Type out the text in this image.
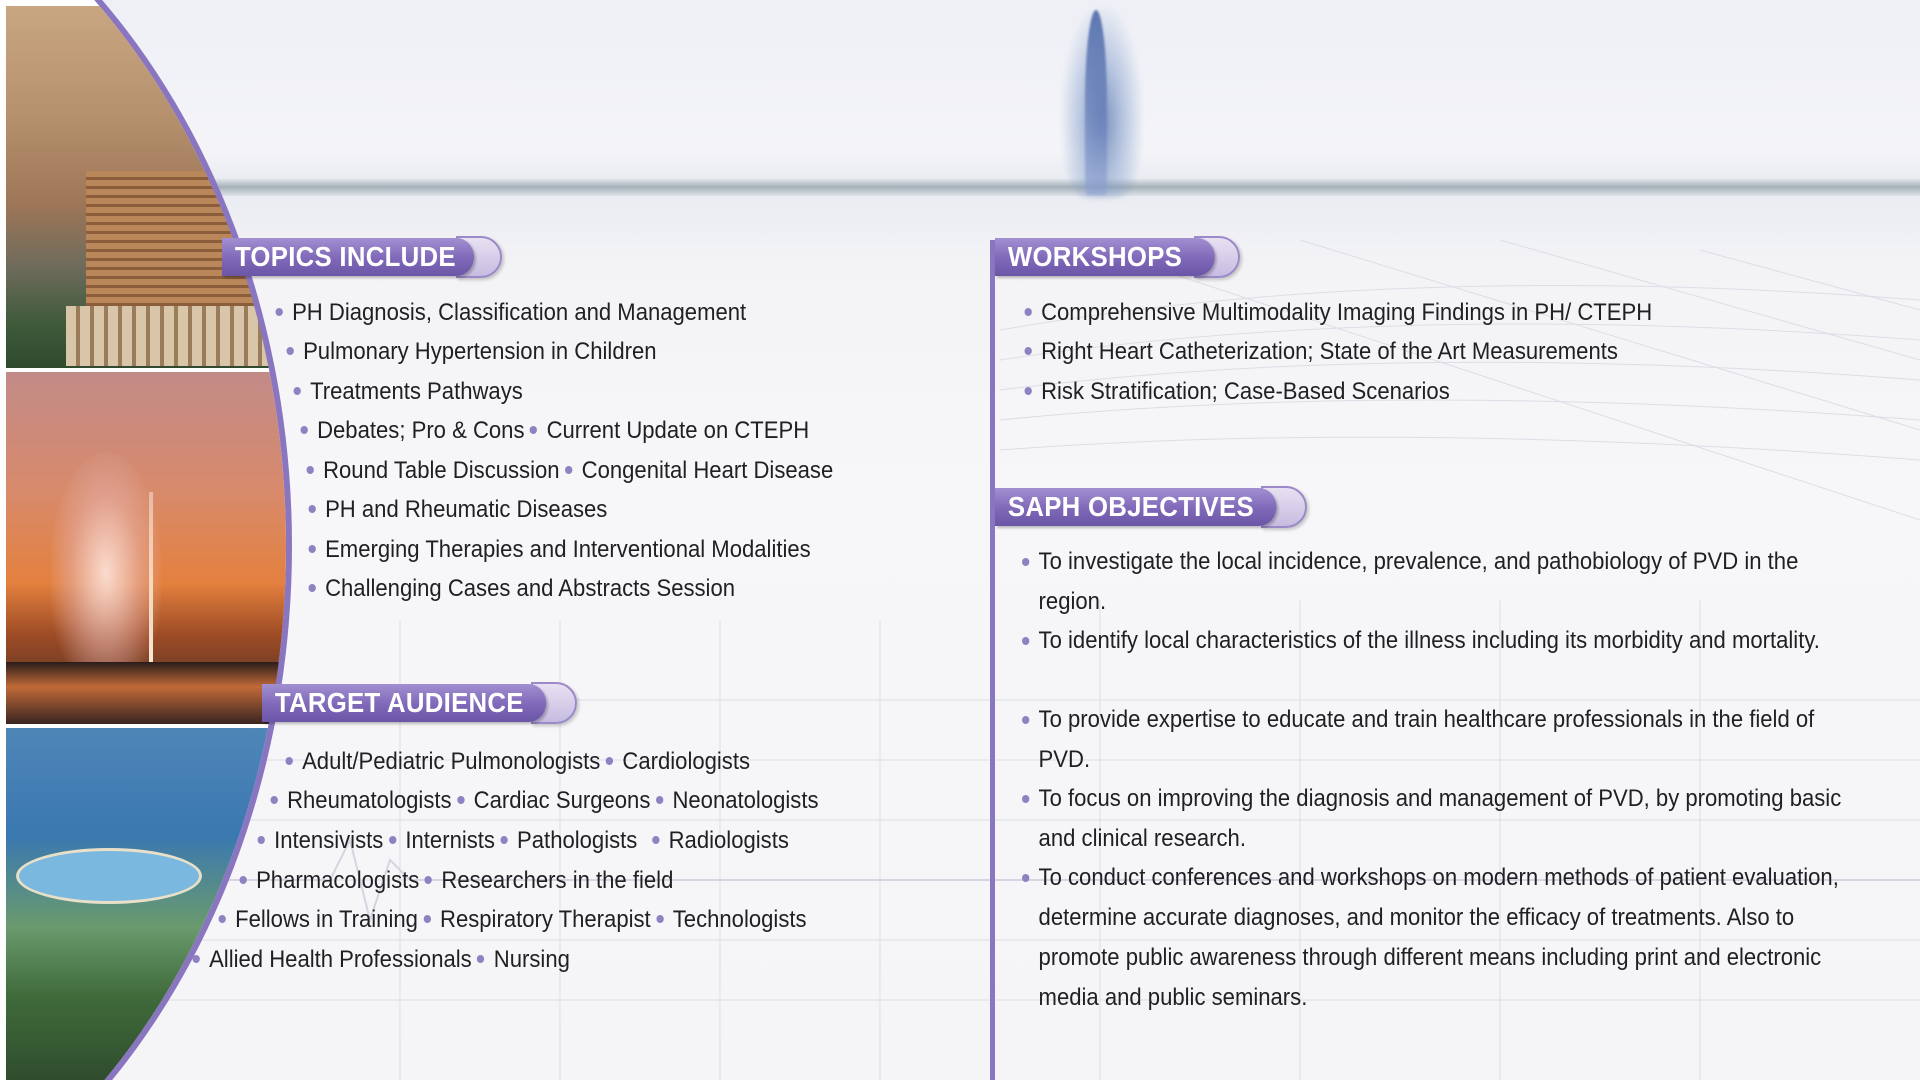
TOPICS INCLUDE
PH Diagnosis, Classification and Management
Pulmonary Hypertension in Children
Treatments Pathways
Debates; Pro & Cons Current Update on CTEPH
Round Table Discussion Congenital Heart Disease
PH and Rheumatic Diseases
Emerging Therapies and Interventional Modalities
Challenging Cases and Abstracts Session
TARGET AUDIENCE
Adult/Pediatric Pulmonologists Cardiologists
Rheumatologists Cardiac Surgeons Neonatologists
Intensivists Internists Pathologists Radiologists
Pharmacologists Researchers in the field
Fellows in Training Respiratory Therapist Technologists
Allied Health Professionals Nursing
WORKSHOPS
Comprehensive Multimodality Imaging Findings in PH/ CTEPH
Right Heart Catheterization; State of the Art Measurements
Risk Stratification; Case-Based Scenarios
SAPH OBJECTIVES
To investigate the local incidence, prevalence, and pathobiology of PVD in the region.
To identify local characteristics of the illness including its morbidity and mortality.
To provide expertise to educate and train healthcare professionals in the field of PVD.
To focus on improving the diagnosis and management of PVD, by promoting basic and clinical research.
To conduct conferences and workshops on modern methods of patient evaluation, determine accurate diagnoses, and monitor the efficacy of treatments. Also to promote public awareness through different means including print and electronic media and public seminars.
